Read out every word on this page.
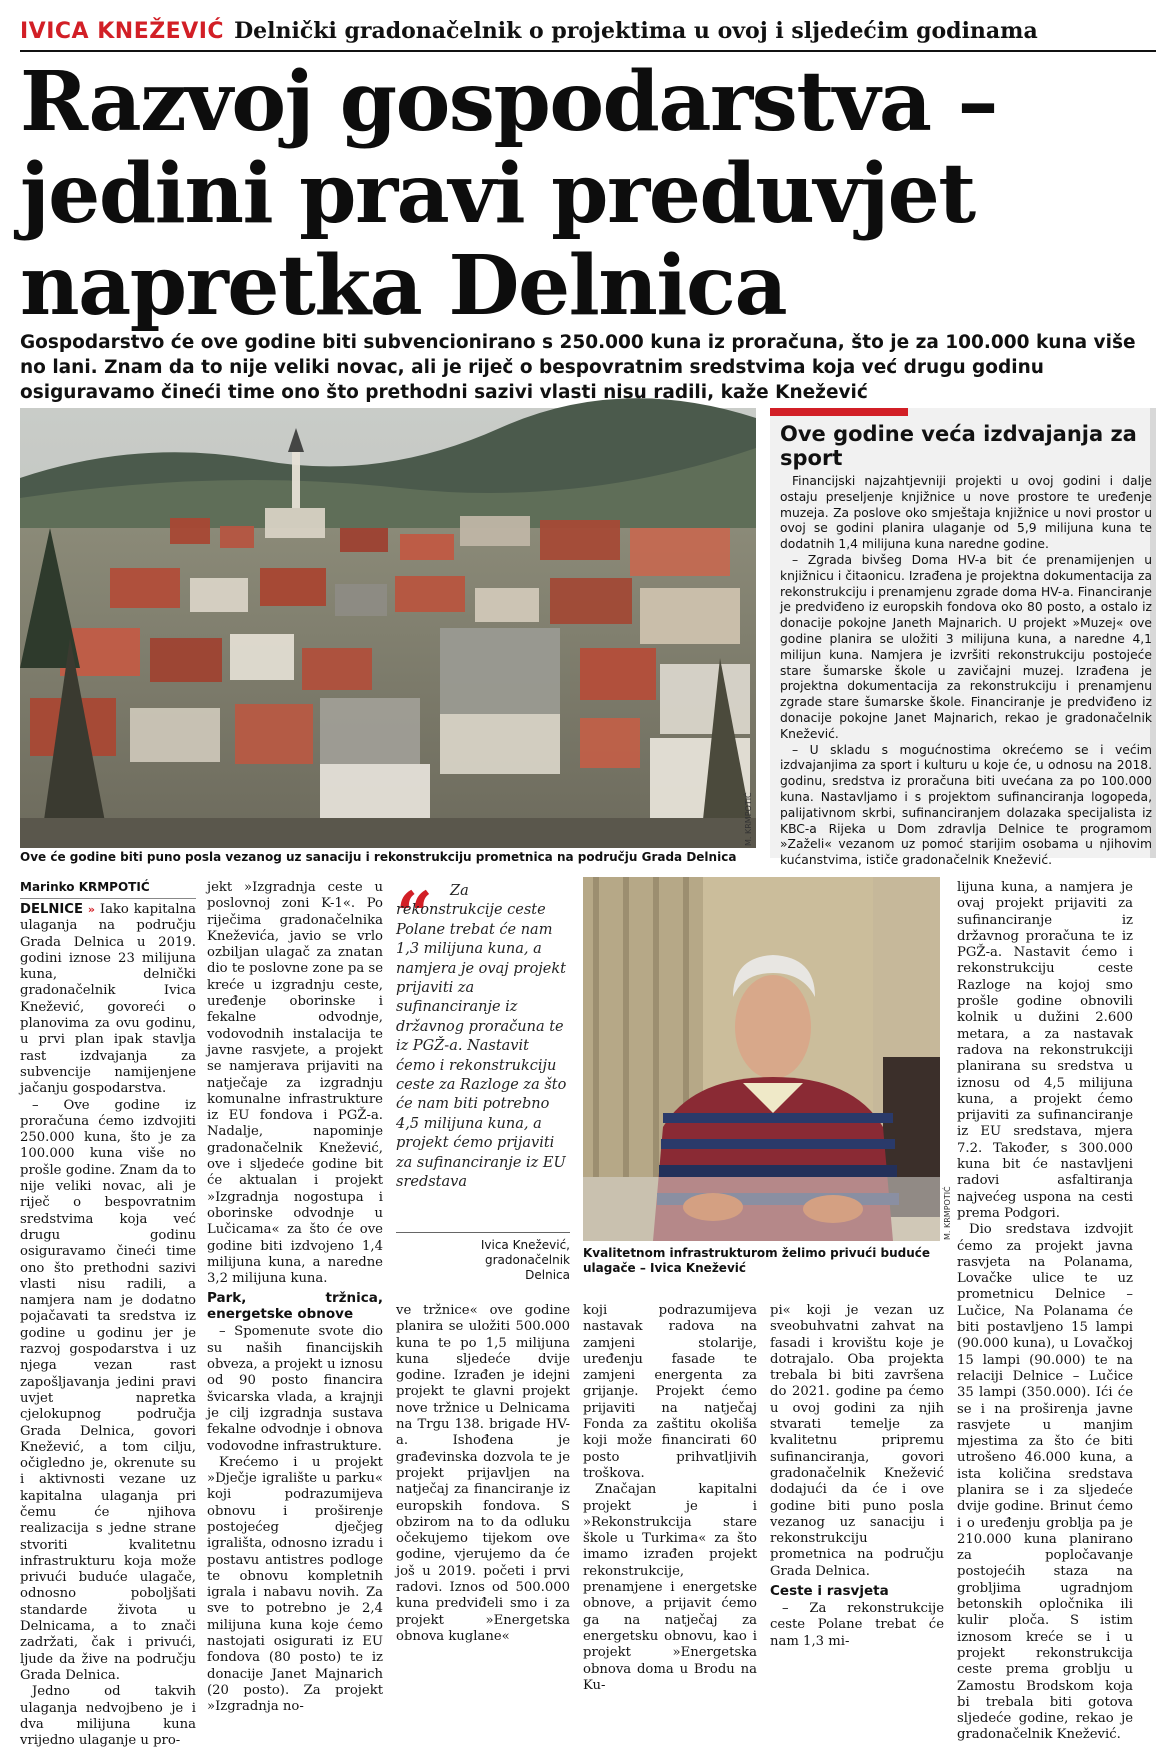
IVICA KNEŽEVIĆ Delnički gradonačelnik o projektima u ovoj i sljedećim godinama
Razvoj gospodarstva –
jedini pravi preduvjet
napretka Delnica

Gospodarstvo će ove godine biti subvencionirano s 250.000 kuna iz proračuna, što je za 100.000 kuna više no lani. Znam da to nije veliki novac, ali je riječ o bespovratnim sredstvima koja već drugu godinu osiguravamo čineći time ono što prethodni sazivi vlasti nisu radili, kaže Knežević

M. KRMPOTIĆ

Ove će godine biti puno posla vezanog uz sanaciju i rekonstrukciju prometnica na području Grada Delnica

Ove godine veća izdvajanja za sport

Financijski najzahtjevniji projekti u ovoj godini i dalje ostaju preseljenje knjižnice u nove prostore te uređenje muzeja. Za poslove oko smještaja knjižnice u novi prostor u ovoj se godini planira ulaganje od 5,9 milijuna kuna te dodatnih 1,4 milijuna kuna naredne godine.

– Zgrada bivšeg Doma HV-a bit će prenamijenjen u knjižnicu i čitaonicu. Izrađena je projektna dokumentacija za rekonstrukciju i prenamjenu zgrade doma HV-a. Financiranje je predviđeno iz europskih fondova oko 80 posto, a ostalo iz donacije pokojne Janeth Majnarich. U projekt »Muzej« ove godine planira se uložiti 3 milijuna kuna, a naredne 4,1 milijun kuna. Namjera je izvršiti rekonstrukciju postojeće stare šumarske škole u zavičajni muzej. Izrađena je projektna dokumentacija za rekonstrukciju i prenamjenu zgrade stare šumarske škole. Financiranje je predviđeno iz donacije pokojne Janet Majnarich, rekao je gradonačelnik Knežević.

– U skladu s mogućnostima okrećemo se i većim izdvajanjima za sport i kulturu u koje će, u odnosu na 2018. godinu, sredstva iz proračuna biti uvećana za po 100.000 kuna. Nastavljamo i s projektom sufinanciranja logopeda, palijativnom skrbi, sufinanciranjem dolazaka specijalista iz KBC-a Rijeka u Dom zdravlja Delnice te programom »Zaželi« vezanom uz pomoć starijim osobama u njihovim kućanstvima, ističe gradonačelnik Knežević.

Marinko KRMPOTIĆ

DELNICE » Iako kapitalna ulaganja na području Grada Delnica u 2019. godini iznose 23 milijuna kuna, delnički gradonačelnik Ivica Knežević, govoreći o planovima za ovu godinu, u prvi plan ipak stavlja rast izdvajanja za subvencije namijenjene jačanju gospodarstva.

– Ove godine iz proračuna ćemo izdvojiti 250.000 kuna, što je za 100.000 kuna više no prošle godine. Znam da to nije veliki novac, ali je riječ o bespovratnim sredstvima koja već drugu godinu osiguravamo čineći time ono što prethodni sazivi vlasti nisu radili, a namjera nam je dodatno pojačavati ta sredstva iz godine u godinu jer je razvoj gospodarstva i uz njega vezan rast zapošljavanja jedini pravi uvjet napretka cjelokupnog područja Grada Delnica, govori Knežević, a tom cilju, očigledno je, okrenute su i aktivnosti vezane uz kapitalna ulaganja pri čemu će njihova realizacija s jedne strane stvoriti kvalitetnu infrastrukturu koja može privući buduće ulagače, odnosno poboljšati standarde života u Delnicama, a to znači zadržati, čak i privući, ljude da žive na području Grada Delnica.

Jedno od takvih ulaganja nedvojbeno je i dva milijuna kuna vrijedno ulaganje u pro-

jekt »Izgradnja ceste u poslovnoj zoni K-1«. Po riječima gradonačelnika Kneževića, javio se vrlo ozbiljan ulagač za znatan dio te poslovne zone pa se kreće u izgradnju ceste, uređenje oborinske i fekalne odvodnje, vodovodnih instalacija te javne rasvjete, a projekt se namjerava prijaviti na natječaje za izgradnju komunalne infrastrukture iz EU fondova i PGŽ-a. Nadalje, napominje gradonačelnik Knežević, ove i sljedeće godine bit će aktualan i projekt »Izgradnja nogostupa i oborinske odvodnje u Lučicama« za što će ove godine biti izdvojeno 1,4 milijuna kuna, a naredne 3,2 milijuna kuna.

Park, tržnica, energetske obnove

– Spomenute svote dio su naših financijskih obveza, a projekt u iznosu od 90 posto financira švicarska vlada, a krajnji je cilj izgradnja sustava fekalne odvodnje i obnova vodovodne infrastrukture.

Krećemo i u projekt »Dječje igralište u parku« koji podrazumijeva obnovu i proširenje postojećeg dječjeg igrališta, odnosno izradu i postavu antistres podloge te obnovu kompletnih igrala i nabavu novih. Za sve to potrebno je 2,4 milijuna kuna koje ćemo nastojati osigurati iz EU fondova (80 posto) te iz donacije Janet Majnarich (20 posto). Za projekt »Izgradnja no-

“	Za rekonstrukcije ceste Polane trebat će nam 1,3 milijuna kuna, a namjera je ovaj projekt prijaviti za sufinanciranje iz državnog proračuna te iz PGŽ-a. Nastavit ćemo i rekonstrukciju ceste za Razloge za što će nam biti potrebno 4,5 milijuna kuna, a projekt ćemo prijaviti za sufinanciranje iz EU sredstava

Ivica Knežević, gradonačelnik
Delnica

ve tržnice« ove godine planira se uložiti 500.000 kuna te po 1,5 milijuna kuna sljedeće dvije godine. Izrađen je idejni projekt te glavni projekt nove tržnice u Delnicama na Trgu 138. brigade HV-a. Ishođena je građevinska dozvola te je projekt prijavljen na natječaj za financiranje iz europskih fondova. S obzirom na to da odluku očekujemo tijekom ove godine, vjerujemo da će još u 2019. početi i prvi radovi. Iznos od 500.000 kuna predviđeli smo i za projekt »Energetska obnova kuglane«

M. KRMPOTIĆ

Kvalitetnom infrastrukturom želimo privući buduće ulagače – Ivica Knežević

koji podrazumijeva nastavak radova na zamjeni stolarije, uređenju fasade te zamjeni energenta za grijanje. Projekt ćemo prijaviti na natječaj Fonda za zaštitu okoliša koji može financirati 60 posto prihvatljivih troškova.

Značajan kapitalni projekt je i »Rekonstrukcija stare škole u Turkima« za što imamo izrađen projekt rekonstrukcije, prenamjene i energetske obnove, a prijavit ćemo ga na natječaj za energetsku obnovu, kao i projekt »Energetska obnova doma u Brodu na Ku-

pi« koji je vezan uz sveobuhvatni zahvat na fasadi i krovištu koje je dotrajalo. Oba projekta trebala bi biti završena do 2021. godine pa ćemo u ovoj godini za njih stvarati temelje za kvalitetnu pripremu sufinanciranja, govori gradonačelnik Knežević dodajući da će i ove godine biti puno posla vezanog uz sanaciju i rekonstrukciju prometnica na području Grada Delnica.

Ceste i rasvjeta

– Za rekonstrukcije ceste Polane trebat će nam 1,3 mi-

lijuna kuna, a namjera je ovaj projekt prijaviti za sufinanciranje iz državnog proračuna te iz PGŽ-a. Nastavit ćemo i rekonstrukciju ceste Razloge na kojoj smo prošle godine obnovili kolnik u dužini 2.600 metara, a za nastavak radova na rekonstrukciji planirana su sredstva u iznosu od 4,5 milijuna kuna, a projekt ćemo prijaviti za sufinanciranje iz EU sredstava, mjera 7.2. Također, s 300.000 kuna bit će nastavljeni radovi asfaltiranja najvećeg uspona na cesti prema Podgori.

Dio sredstava izdvojit ćemo za projekt javna rasvjeta na Polanama, Lovačke ulice te uz prometnicu Delnice – Lučice, Na Polanama će biti postavljeno 15 lampi (90.000 kuna), u Lovačkoj 15 lampi (90.000) te na relaciji Delnice – Lučice 35 lampi (350.000). Ići će se i na proširenja javne rasvjete u manjim mjestima za što će biti utrošeno 46.000 kuna, a ista količina sredstava planira se i za sljedeće dvije godine. Brinut ćemo i o uređenju groblja pa je 210.000 kuna planirano za popločavanje postojećih staza na grobljima ugradnjom betonskih opločnika ili kulir ploča. S istim iznosom kreće se i u projekt rekonstrukcija ceste prema groblju u Zamostu Brodskom koja bi trebala biti gotova sljedeće godine, rekao je gradonačelnik Knežević.
